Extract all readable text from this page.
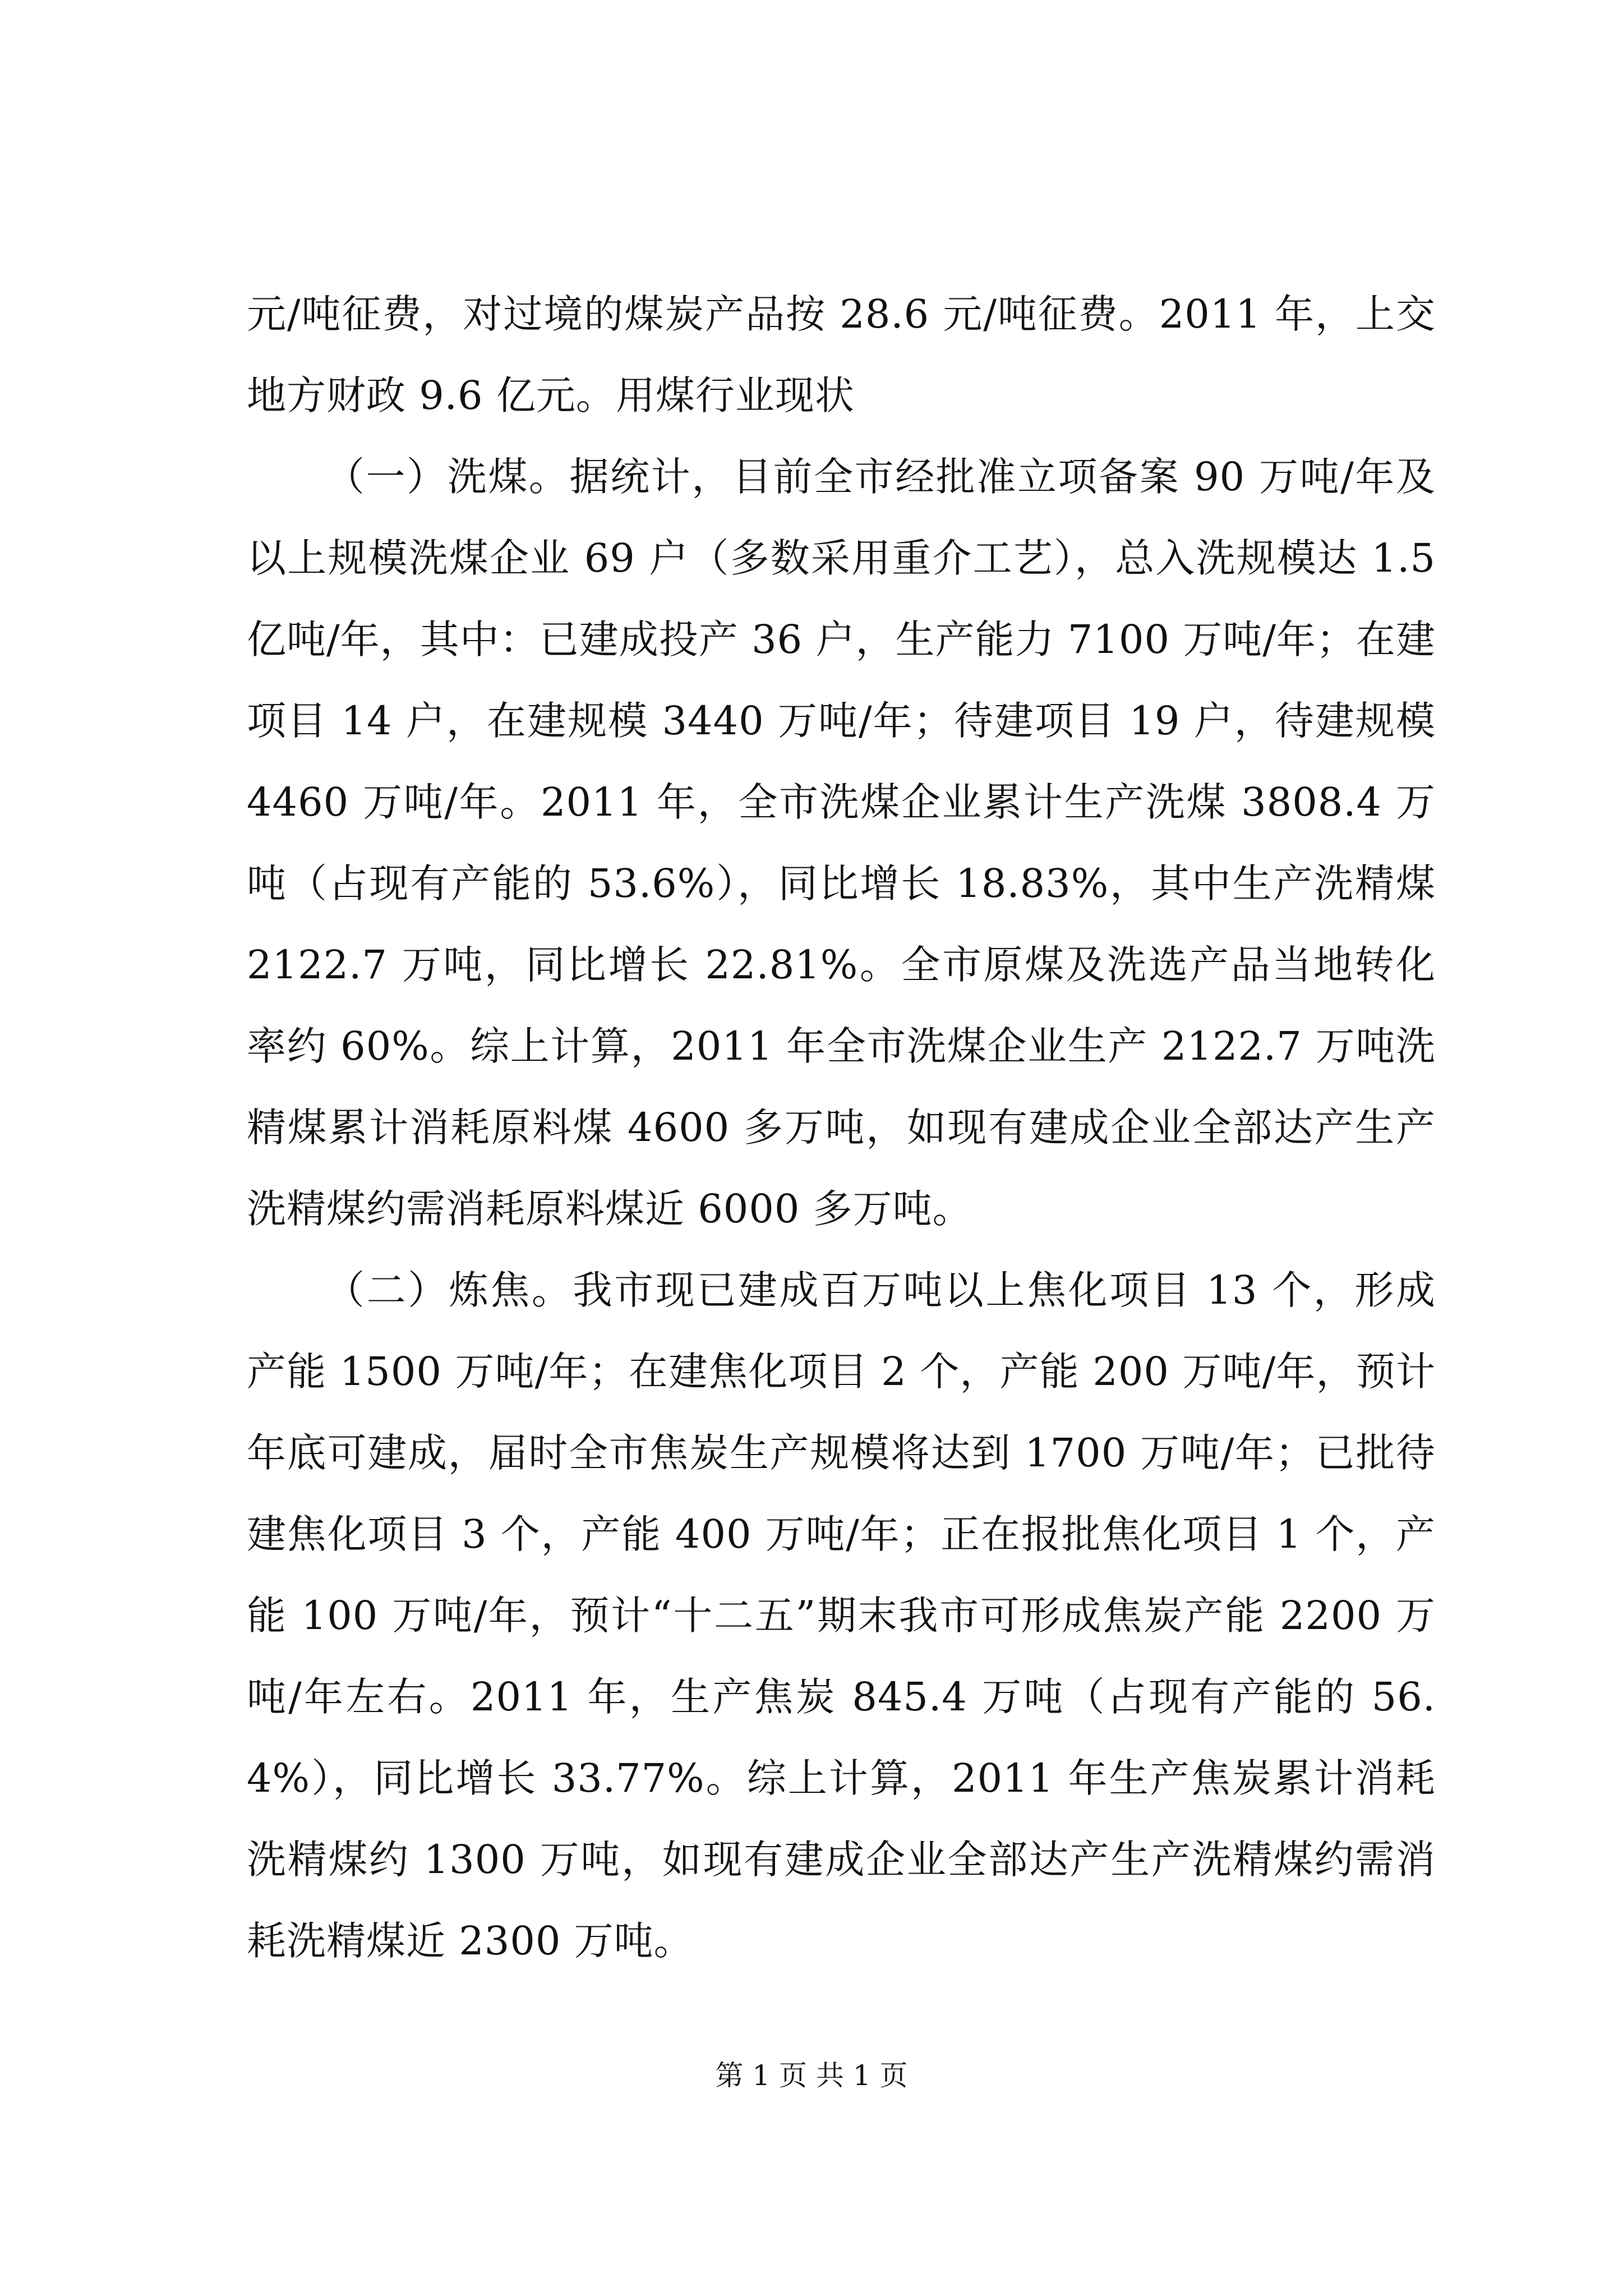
元/吨征费，对过境的煤炭产品按 28.6 元/吨征费。2011 年，上交地方财政 9.6 亿元。用煤行业现状

（一）洗煤。据统计，目前全市经批准立项备案 90 万吨/年及以上规模洗煤企业 69 户（多数采用重介工艺），总入洗规模达 1.5 亿吨/年，其中：已建成投产 36 户，生产能力 7100 万吨/年；在建项目 14 户，在建规模 3440 万吨/年；待建项目 19 户，待建规模 4460 万吨/年。2011 年，全市洗煤企业累计生产洗煤 3808.4 万吨（占现有产能的 53.6%），同比增长 18.83%，其中生产洗精煤 2122.7 万吨，同比增长 22.81%。全市原煤及洗选产品当地转化率约 60%。综上计算，2011 年全市洗煤企业生产 2122.7 万吨洗精煤累计消耗原料煤 4600 多万吨，如现有建成企业全部达产生产洗精煤约需消耗原料煤近 6000 多万吨。

（二）炼焦。我市现已建成百万吨以上焦化项目 13 个，形成产能 1500 万吨/年；在建焦化项目 2 个，产能 200 万吨/年，预计年底可建成，届时全市焦炭生产规模将达到 1700 万吨/年；已批待建焦化项目 3 个，产能 400 万吨/年；正在报批焦化项目 1 个，产能 100 万吨/年，预计“十二五”期末我市可形成焦炭产能 2200 万吨/年左右。2011 年，生产焦炭 845.4 万吨（占现有产能的 56.4%），同比增长 33.77%。综上计算，2011 年生产焦炭累计消耗洗精煤约 1300 万吨，如现有建成企业全部达产生产洗精煤约需消耗洗精煤近 2300 万吨。

第 1 页 共 1 页
